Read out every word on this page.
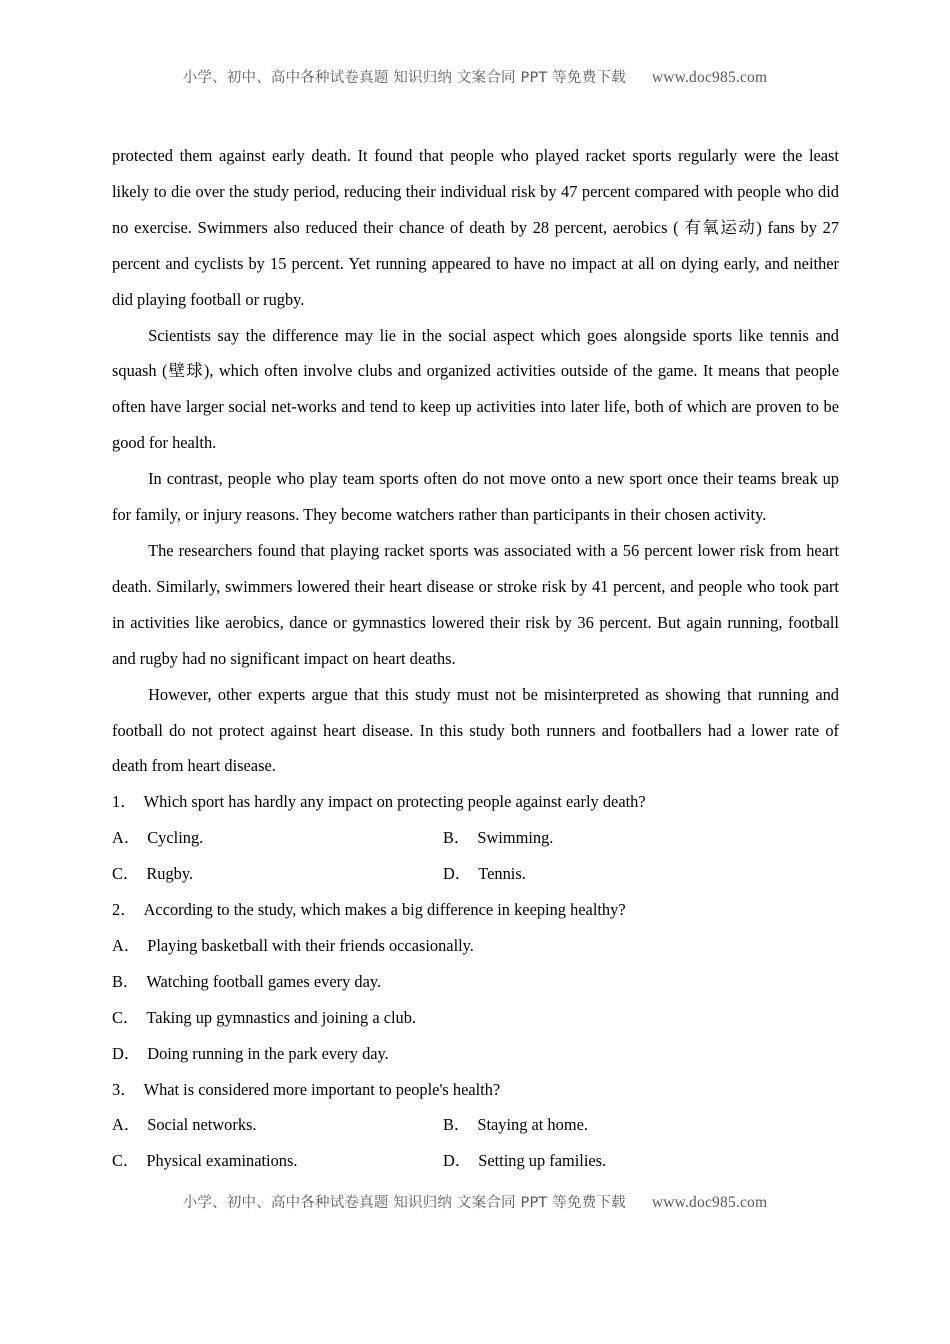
小学、初中、高中各种试卷真题 知识归纳 文案合同 PPT 等免费下载 www.doc985.com

protected them against early death. It found that people who played racket sports regularly were the least likely to die over the study period, reducing their individual risk by 47 percent compared with people who did no exercise. Swimmers also reduced their chance of death by 28 percent, aerobics ( 有氧运动) fans by 27 percent and cyclists by 15 percent. Yet running appeared to have no impact at all on dying early, and neither did playing football or rugby.

Scientists say the difference may lie in the social aspect which goes alongside sports like tennis and squash (壁球), which often involve clubs and organized activities outside of the game. It means that people often have larger social net-works and tend to keep up activities into later life, both of which are proven to be good for health.

In contrast, people who play team sports often do not move onto a new sport once their teams break up for family, or injury reasons. They become watchers rather than participants in their chosen activity.

The researchers found that playing racket sports was associated with a 56 percent lower risk from heart death. Similarly, swimmers lowered their heart disease or stroke risk by 41 percent, and people who took part in activities like aerobics, dance or gymnastics lowered their risk by 36 percent. But again running, football and rugby had no significant impact on heart deaths.

However, other experts argue that this study must not be misinterpreted as showing that running and football do not protect against heart disease. In this study both runners and footballers had a lower rate of death from heart disease.

1． Which sport has hardly any impact on protecting people against early death?

A． Cycling.	B． Swimming.
C． Rugby.	D． Tennis.

2． According to the study, which makes a big difference in keeping healthy?

A． Playing basketball with their friends occasionally.
B． Watching football games every day.
C． Taking up gymnastics and joining a club.
D． Doing running in the park every day.

3． What is considered more important to people's health?

A． Social networks.	B． Staying at home.
C． Physical examinations.	D． Setting up families.
小学、初中、高中各种试卷真题 知识归纳 文案合同 PPT 等免费下载 www.doc985.com
